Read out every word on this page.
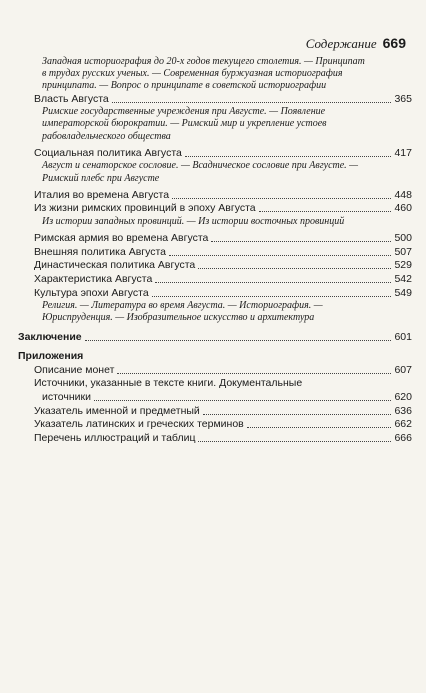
Содержание 669
Западная историография до 20-х годов текущего столетия. — Принципат
в трудах русских ученых. — Современная буржуазная историография
принципата. — Вопрос о принципате в советской историографии
Власть Августа	365
Римские государственные учреждения при Августе. — Появление
императорской бюрократии. — Римский мир и укрепление устоев
рабовладельческого общества
Социальная политика Августа	417
Август и сенаторское сословие. — Всадническое сословие при Августе. —
Римский плебс при Августе
Италия во времена Августа	448
Из жизни римских провинций в эпоху Августа	460
Из истории западных провинций. — Из истории восточных провинций
Римская армия во времена Августа	500
Внешняя политика Августа	507
Династическая политика Августа	529
Характеристика Августа	542
Культура эпохи Августа	549
Религия. — Литература во время Августа. — Историография. —
Юриспруденция. — Изобразительное искусство и архитектура
Заключение	601
Приложения
Описание монет	607
Источники, указанные в тексте книги. Документальные
источники	620
Указатель именной и предметный	636
Указатель латинских и греческих терминов	662
Перечень иллюстраций и таблиц	666
